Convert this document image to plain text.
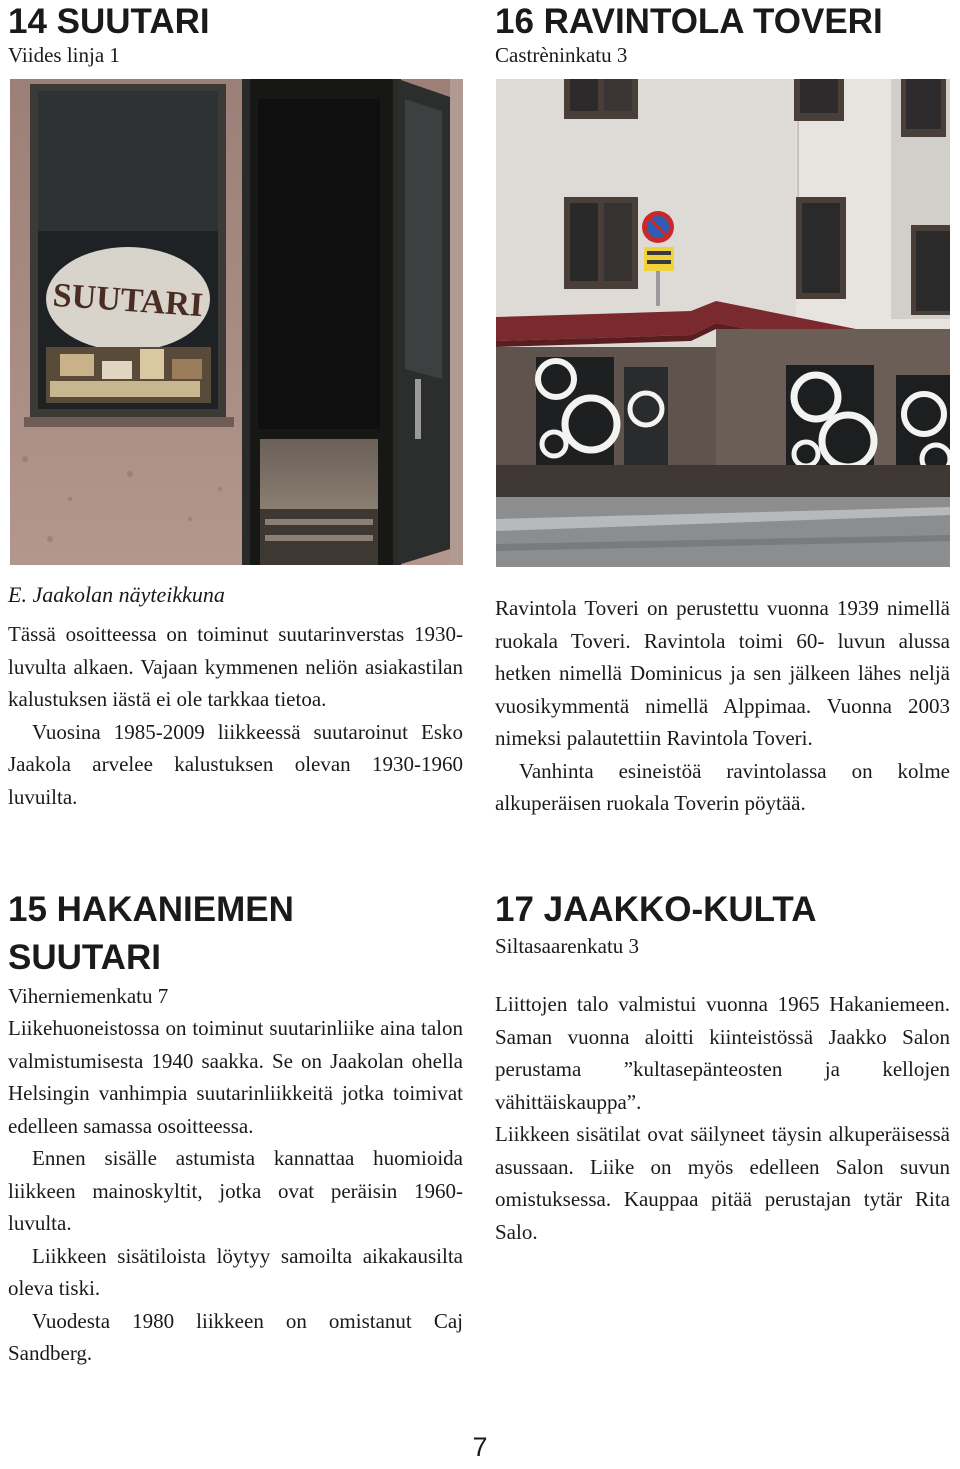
14 SUUTARI

Viides linja 1

16 RAVINTOLA TOVERI

Castrèninkatu 3

SUUTARI

E. Jaakolan näyteikkuna

Tässä osoitteessa on toiminut suutarinverstas 1930-luvulta alkaen. Vajaan kymmenen neliön asiakastilan kalustuksen iästä ei ole tarkkaa tietoa.

Vuosina 1985-2009 liikkeessä suutaroinut Esko Jaakola arvelee kalustuksen olevan 1930-1960 luvuilta.

Ravintola Toveri on perustettu vuonna 1939 nimellä ruokala Toveri. Ravintola toimi 60- luvun alussa hetken nimellä Dominicus ja sen jälkeen lähes neljä vuosikymmentä nimellä Alppimaa. Vuonna 2003 nimeksi palautettiin Ravintola Toveri.

Vanhinta esineistöä ravintolassa on kolme alkuperäisen ruokala Toverin pöytää.

15 HAKANIEMEN
SUUTARI

Viherniemenkatu 7

Liikehuoneistossa on toiminut suutarinliike aina talon valmistumisesta 1940 saakka. Se on Jaakolan ohella Helsingin vanhimpia suutarinliikkeitä jotka toimivat edelleen samassa osoitteessa.

Ennen sisälle astumista kannattaa huomioida liikkeen mainoskyltit, jotka ovat peräisin 1960-luvulta.

Liikkeen sisätiloista löytyy samoilta aikakausilta oleva tiski.

Vuodesta 1980 liikkeen on omistanut Caj Sandberg.

17 JAAKKO-KULTA

Siltasaarenkatu 3

Liittojen talo valmistui vuonna 1965 Hakaniemeen. Saman vuonna aloitti kiinteistössä Jaakko Salon perustama ”kultasepänteosten ja kellojen vähittäiskauppa”.

Liikkeen sisätilat ovat säilyneet täysin alkuperäisessä asussaan. Liike on myös edelleen Salon suvun omistuksessa. Kauppaa pitää perustajan tytär Rita Salo.

7
